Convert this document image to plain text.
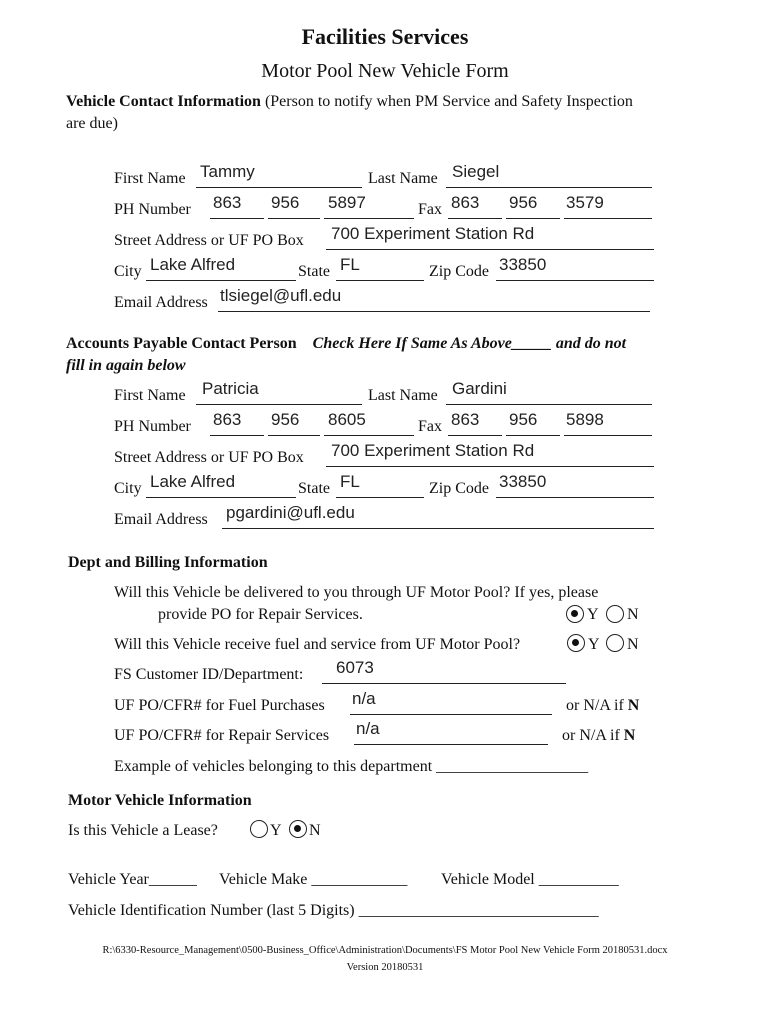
Facilities Services
Motor Pool New Vehicle Form
Vehicle Contact Information (Person to notify when PM Service and Safety Inspection
are due)
First Name Tammy	Last Name Siegel
PH Number 863 956 5897	Fax 863 956 3579
Street Address or UF PO Box 700 Experiment Station Rd
City Lake Alfred	State FL	Zip Code 33850
Email Address tlsiegel@ufl.edu
Accounts Payable Contact Person Check Here If Same As Above_____ and do not
fill in again below
First Name Patricia	Last Name Gardini
PH Number 863 956 8605	Fax 863 956 5898
Street Address or UF PO Box 700 Experiment Station Rd
City Lake Alfred	State FL	Zip Code 33850
Email Address pgardini@ufl.edu
Dept and Billing Information
Will this Vehicle be delivered to you through UF Motor Pool? If yes, please
provide PO for Repair Services.	Y N
Will this Vehicle receive fuel and service from UF Motor Pool?	Y N
FS Customer ID/Department: 6073
UF PO/CFR# for Fuel Purchases n/a	or N/A if N
UF PO/CFR# for Repair Services n/a	or N/A if N
Example of vehicles belonging to this department ___________________
Motor Vehicle Information
Is this Vehicle a Lease?	Y N
Vehicle Year______ Vehicle Make ____________ Vehicle Model __________
Vehicle Identification Number (last 5 Digits) ______________________________
R:\6330-Resource_Management\0500-Business_Office\Administration\Documents\FS Motor Pool New Vehicle Form 20180531.docx
Version 20180531
